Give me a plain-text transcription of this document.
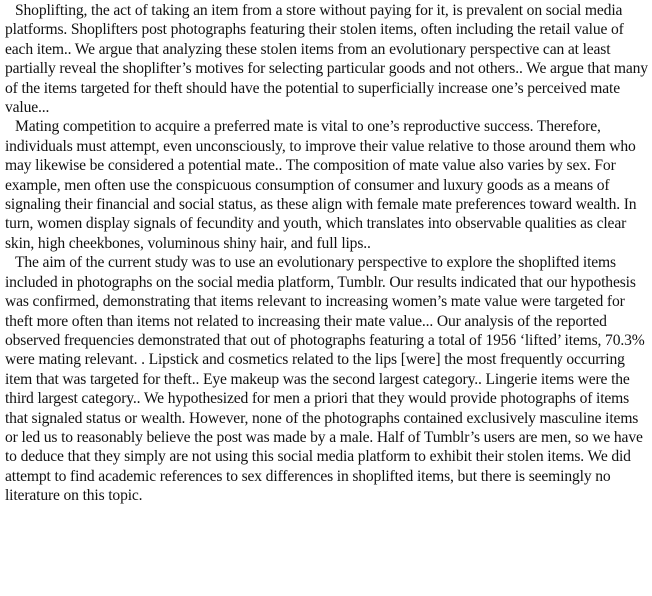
Shoplifting, the act of taking an item from a store without paying for it, is prevalent on social media platforms. Shoplifters post photographs featuring their stolen items, often including the retail value of each item.. We argue that analyzing these stolen items from an evolutionary perspective can at least partially reveal the shoplifter’s motives for selecting particular goods and not others.. We argue that many of the items targeted for theft should have the potential to superficially increase one’s perceived mate value...

Mating competition to acquire a preferred mate is vital to one’s reproductive success. Therefore, individuals must attempt, even unconsciously, to improve their value relative to those around them who may likewise be considered a potential mate.. The composition of mate value also varies by sex. For example, men often use the conspicuous consumption of consumer and luxury goods as a means of signaling their financial and social status, as these align with female mate preferences toward wealth. In turn, women display signals of fecundity and youth, which translates into observable qualities as clear skin, high cheekbones, voluminous shiny hair, and full lips..

The aim of the current study was to use an evolutionary perspective to explore the shoplifted items included in photographs on the social media platform, Tumblr. Our results indicated that our hypothesis was confirmed, demonstrating that items relevant to increasing women’s mate value were targeted for theft more often than items not related to increasing their mate value... Our analysis of the reported observed frequencies demonstrated that out of photographs featuring a total of 1956 ‘lifted’ items, 70.3% were mating relevant. . Lipstick and cosmetics related to the lips [were] the most frequently occurring item that was targeted for theft.. Eye makeup was the second largest category.. Lingerie items were the third largest category.. We hypothesized for men a priori that they would provide photographs of items that signaled status or wealth. However, none of the photographs contained exclusively masculine items or led us to reasonably believe the post was made by a male. Half of Tumblr’s users are men, so we have to deduce that they simply are not using this social media platform to exhibit their stolen items. We did attempt to find academic references to sex differences in shoplifted items, but there is seemingly no literature on this topic.
